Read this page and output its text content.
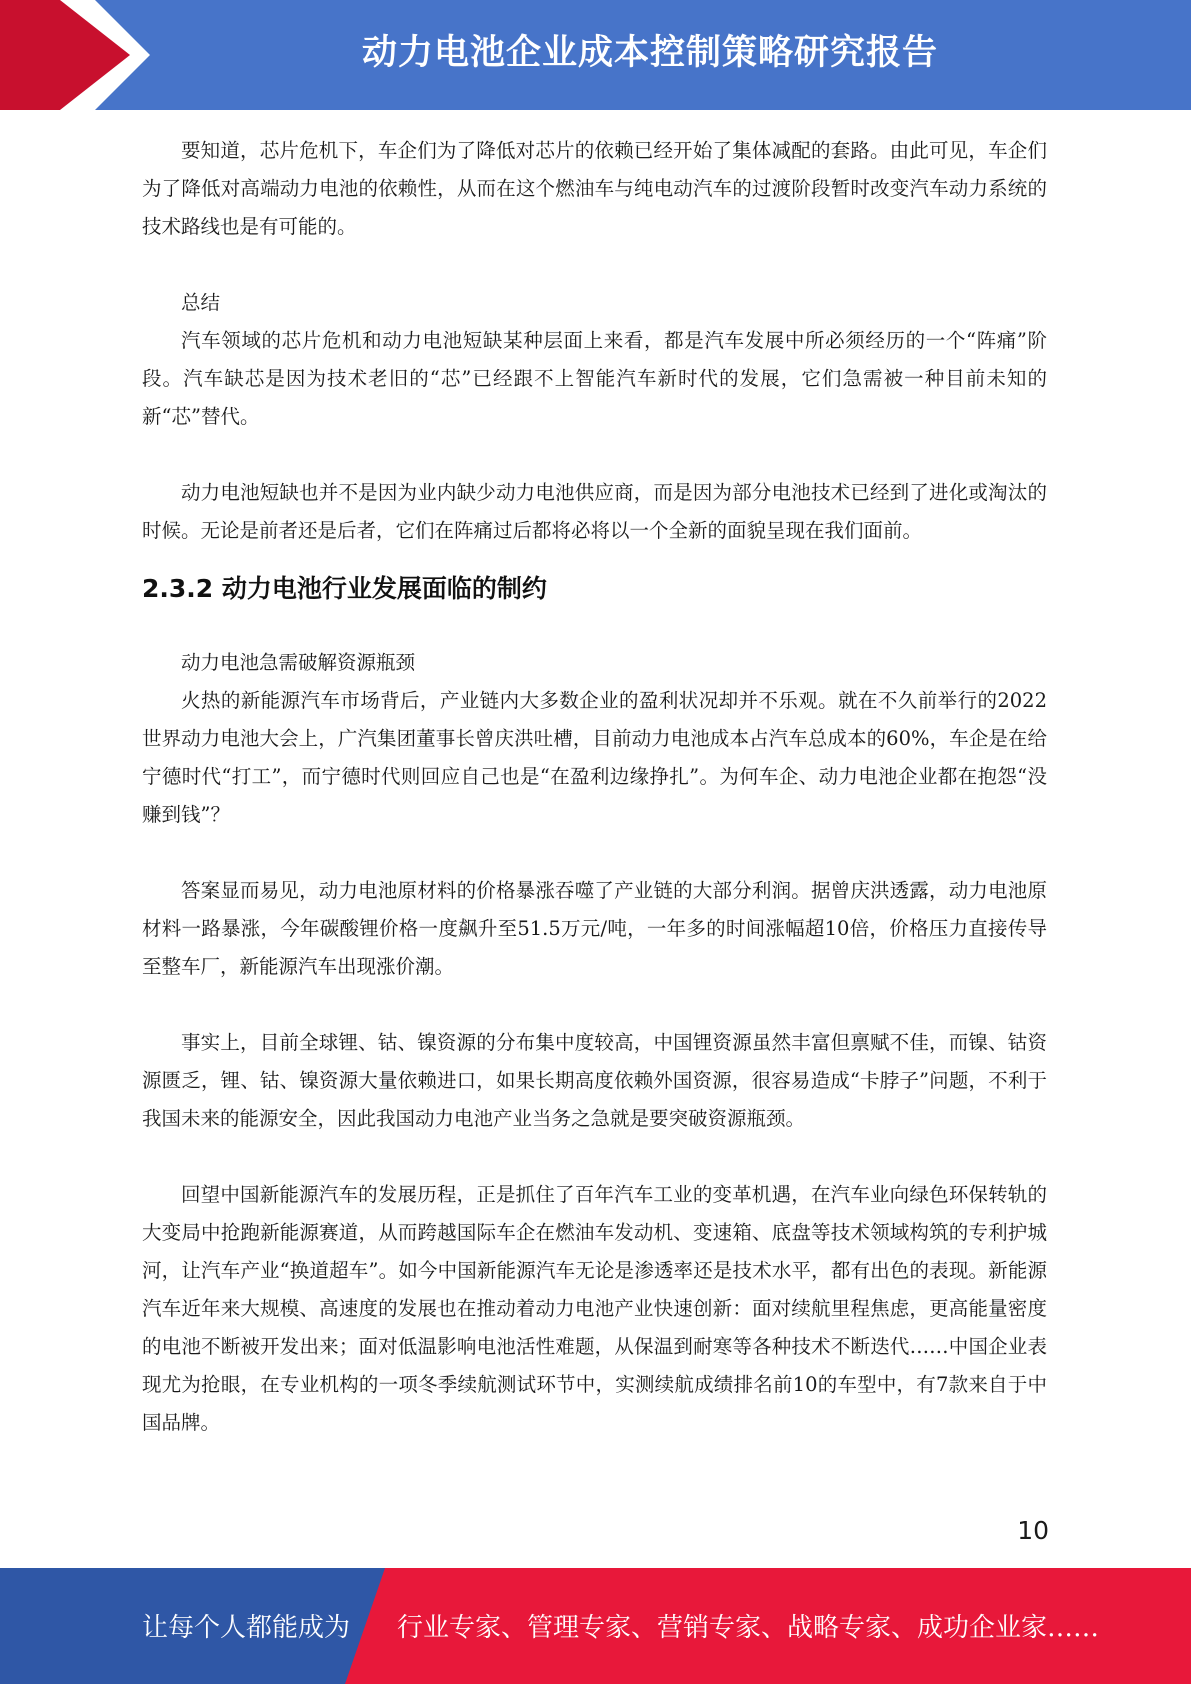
动力电池企业成本控制策略研究报告

要知道，芯片危机下，车企们为了降低对芯片的依赖已经开始了集体减配的套路。由此可见，车企们为了降低对高端动力电池的依赖性，从而在这个燃油车与纯电动汽车的过渡阶段暂时改变汽车动力系统的技术路线也是有可能的。

总结

汽车领域的芯片危机和动力电池短缺某种层面上来看，都是汽车发展中所必须经历的一个“阵痛”阶段。汽车缺芯是因为技术老旧的“芯”已经跟不上智能汽车新时代的发展，它们急需被一种目前未知的新“芯”替代。

动力电池短缺也并不是因为业内缺少动力电池供应商，而是因为部分电池技术已经到了进化或淘汰的时候。无论是前者还是后者，它们在阵痛过后都将必将以一个全新的面貌呈现在我们面前。

2.3.2 动力电池行业发展面临的制约

动力电池急需破解资源瓶颈

火热的新能源汽车市场背后，产业链内大多数企业的盈利状况却并不乐观。就在不久前举行的2022世界动力电池大会上，广汽集团董事长曾庆洪吐槽，目前动力电池成本占汽车总成本的60%，车企是在给宁德时代“打工”，而宁德时代则回应自己也是“在盈利边缘挣扎”。为何车企、动力电池企业都在抱怨“没赚到钱”？

答案显而易见，动力电池原材料的价格暴涨吞噬了产业链的大部分利润。据曾庆洪透露，动力电池原材料一路暴涨，今年碳酸锂价格一度飙升至51.5万元/吨，一年多的时间涨幅超10倍，价格压力直接传导至整车厂，新能源汽车出现涨价潮。

事实上，目前全球锂、钴、镍资源的分布集中度较高，中国锂资源虽然丰富但禀赋不佳，而镍、钴资源匮乏，锂、钴、镍资源大量依赖进口，如果长期高度依赖外国资源，很容易造成“卡脖子”问题，不利于我国未来的能源安全，因此我国动力电池产业当务之急就是要突破资源瓶颈。

回望中国新能源汽车的发展历程，正是抓住了百年汽车工业的变革机遇，在汽车业向绿色环保转轨的大变局中抢跑新能源赛道，从而跨越国际车企在燃油车发动机、变速箱、底盘等技术领域构筑的专利护城河，让汽车产业“换道超车”。如今中国新能源汽车无论是渗透率还是技术水平，都有出色的表现。新能源汽车近年来大规模、高速度的发展也在推动着动力电池产业快速创新：面对续航里程焦虑，更高能量密度的电池不断被开发出来；面对低温影响电池活性难题，从保温到耐寒等各种技术不断迭代……中国企业表现尤为抢眼，在专业机构的一项冬季续航测试环节中，实测续航成绩排名前10的车型中，有7款来自于中国品牌。

10
让每个人都能成为 行业专家、管理专家、营销专家、战略专家、成功企业家……
